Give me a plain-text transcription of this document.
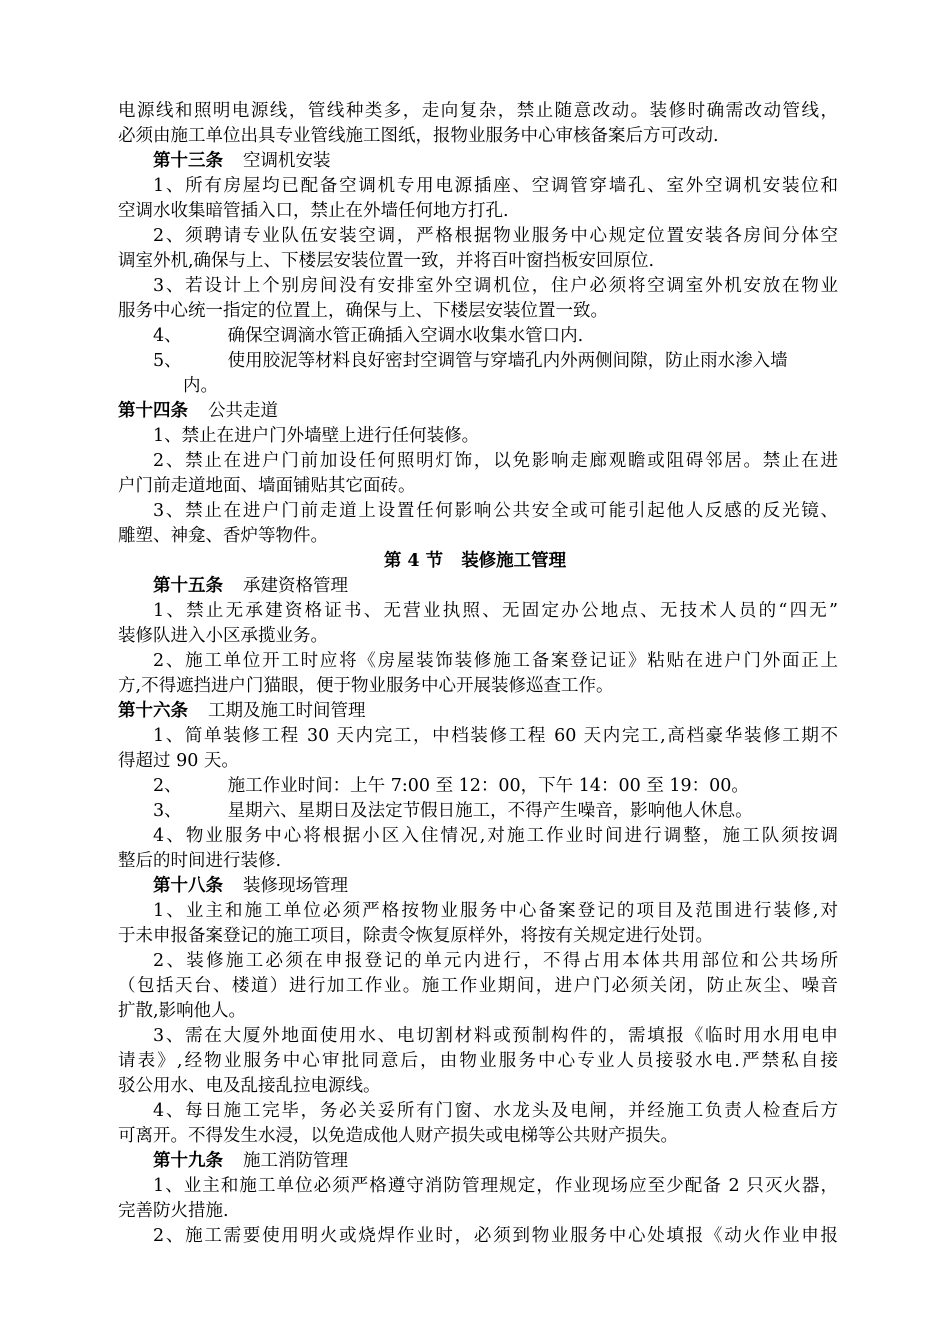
电源线和照明电源线，管线种类多，走向复杂，禁止随意改动。装修时确需改动管线，
必须由施工单位出具专业管线施工图纸，报物业服务中心审核备案后方可改动.
第十三条 空调机安装
1、所有房屋均已配备空调机专用电源插座、空调管穿墙孔、室外空调机安装位和
空调水收集暗管插入口，禁止在外墙任何地方打孔.
2、须聘请专业队伍安装空调，严格根据物业服务中心规定位置安装各房间分体空
调室外机,确保与上、下楼层安装位置一致，并将百叶窗挡板安回原位.
3、若设计上个别房间没有安排室外空调机位，住户必须将空调室外机安放在物业
服务中心统一指定的位置上，确保与上、下楼层安装位置一致。
4、	确保空调滴水管正确插入空调水收集水管口内.
5、	使用胶泥等材料良好密封空调管与穿墙孔内外两侧间隙，防止雨水渗入墙
内。
第十四条 公共走道
1、禁止在进户门外墙壁上进行任何装修。
2、禁止在进户门前加设任何照明灯饰，以免影响走廊观瞻或阻碍邻居。禁止在进
户门前走道地面、墙面铺贴其它面砖。
3、禁止在进户门前走道上设置任何影响公共安全或可能引起他人反感的反光镜、
雕塑、神龛、香炉等物件。
第 4 节 装修施工管理
第十五条 承建资格管理
1、禁止无承建资格证书、无营业执照、无固定办公地点、无技术人员的“四无”
装修队进入小区承揽业务。
2、施工单位开工时应将《房屋装饰装修施工备案登记证》粘贴在进户门外面正上
方,不得遮挡进户门猫眼，便于物业服务中心开展装修巡查工作。
第十六条 工期及施工时间管理
1、简单装修工程 30 天内完工，中档装修工程 60 天内完工,高档豪华装修工期不
得超过 90 天。
2、	施工作业时间：上午 7:00 至 12：00，下午 14：00 至 19：00。
3、	星期六、星期日及法定节假日施工，不得产生噪音，影响他人休息。
4、物业服务中心将根据小区入住情况,对施工作业时间进行调整，施工队须按调
整后的时间进行装修.
第十八条 装修现场管理
1、业主和施工单位必须严格按物业服务中心备案登记的项目及范围进行装修,对
于未申报备案登记的施工项目，除责令恢复原样外，将按有关规定进行处罚。
2、装修施工必须在申报登记的单元内进行，不得占用本体共用部位和公共场所
（包括天台、楼道）进行加工作业。施工作业期间，进户门必须关闭，防止灰尘、噪音
扩散,影响他人。
3、需在大厦外地面使用水、电切割材料或预制构件的，需填报《临时用水用电申
请表》,经物业服务中心审批同意后，由物业服务中心专业人员接驳水电.严禁私自接
驳公用水、电及乱接乱拉电源线。
4、每日施工完毕，务必关妥所有门窗、水龙头及电闸，并经施工负责人检查后方
可离开。不得发生水浸，以免造成他人财产损失或电梯等公共财产损失。
第十九条 施工消防管理
1、业主和施工单位必须严格遵守消防管理规定，作业现场应至少配备 2 只灭火器，
完善防火措施.
2、施工需要使用明火或烧焊作业时，必须到物业服务中心处填报《动火作业申报
